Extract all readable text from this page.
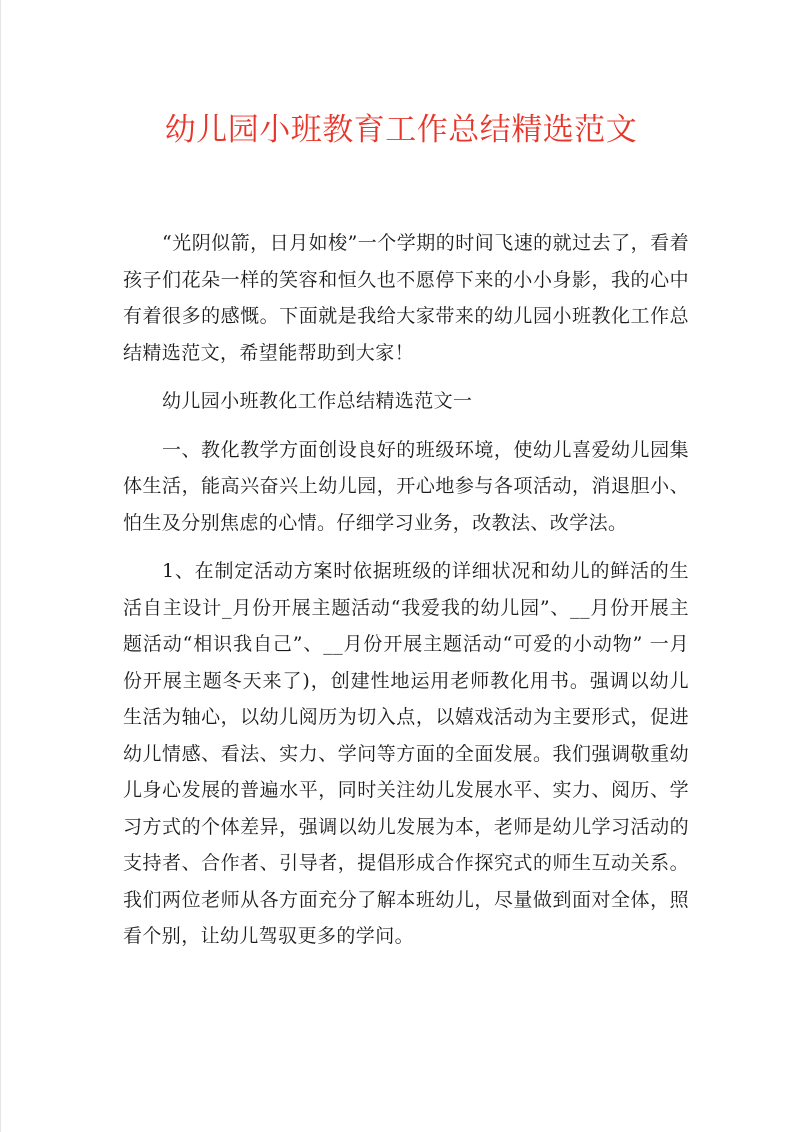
幼儿园小班教育工作总结精选范文

“光阴似箭，日月如梭”一个学期的时间飞速的就过去了，看着孩子们花朵一样的笑容和恒久也不愿停下来的小小身影，我的心中有着很多的感慨。下面就是我给大家带来的幼儿园小班教化工作总结精选范文，希望能帮助到大家！

幼儿园小班教化工作总结精选范文一

一、教化教学方面创设良好的班级环境，使幼儿喜爱幼儿园集体生活，能高兴奋兴上幼儿园，开心地参与各项活动，消退胆小、怕生及分别焦虑的心情。仔细学习业务，改教法、改学法。

1、在制定活动方案时依据班级的详细状况和幼儿的鲜活的生活自主设计_月份开展主题活动“我爱我的幼儿园”、__月份开展主题活动“相识我自己”、__月份开展主题活动“可爱的小动物” 一月份开展主题冬天来了)，创建性地运用老师教化用书。强调以幼儿生活为轴心，以幼儿阅历为切入点，以嬉戏活动为主要形式，促进幼儿情感、看法、实力、学问等方面的全面发展。我们强调敬重幼儿身心发展的普遍水平，同时关注幼儿发展水平、实力、阅历、学习方式的个体差异，强调以幼儿发展为本，老师是幼儿学习活动的支持者、合作者、引导者，提倡形成合作探究式的师生互动关系。我们两位老师从各方面充分了解本班幼儿，尽量做到面对全体，照看个别，让幼儿驾驭更多的学问。
